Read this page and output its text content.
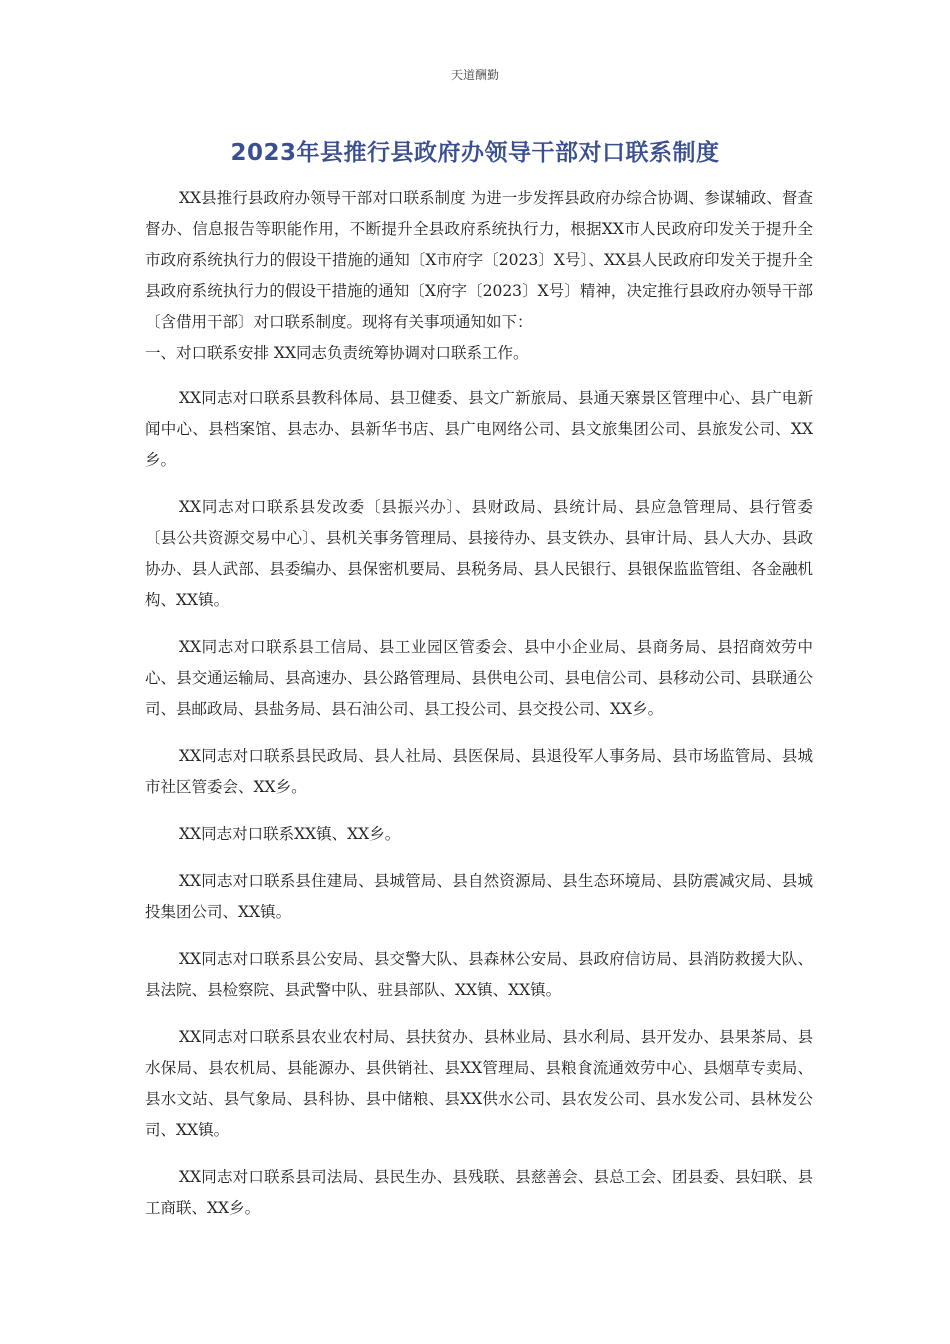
天道酬勤
2023年县推行县政府办领导干部对口联系制度

XX县推行县政府办领导干部对口联系制度 为进一步发挥县政府办综合协调、参谋辅政、督查督办、信息报告等职能作用，不断提升全县政府系统执行力，根据XX市人民政府印发关于提升全市政府系统执行力的假设干措施的通知〔X市府字〔2023〕X号〕、XX县人民政府印发关于提升全县政府系统执行力的假设干措施的通知〔X府字〔2023〕X号〕精神，决定推行县政府办领导干部〔含借用干部〕对口联系制度。现将有关事项通知如下：

一、对口联系安排 XX同志负责统筹协调对口联系工作。

XX同志对口联系县教科体局、县卫健委、县文广新旅局、县通天寨景区管理中心、县广电新闻中心、县档案馆、县志办、县新华书店、县广电网络公司、县文旅集团公司、县旅发公司、XX乡。

XX同志对口联系县发改委〔县振兴办〕、县财政局、县统计局、县应急管理局、县行管委〔县公共资源交易中心〕、县机关事务管理局、县接待办、县支铁办、县审计局、县人大办、县政协办、县人武部、县委编办、县保密机要局、县税务局、县人民银行、县银保监监管组、各金融机构、XX镇。

XX同志对口联系县工信局、县工业园区管委会、县中小企业局、县商务局、县招商效劳中心、县交通运输局、县高速办、县公路管理局、县供电公司、县电信公司、县移动公司、县联通公司、县邮政局、县盐务局、县石油公司、县工投公司、县交投公司、XX乡。

XX同志对口联系县民政局、县人社局、县医保局、县退役军人事务局、县市场监管局、县城市社区管委会、XX乡。

XX同志对口联系XX镇、XX乡。

XX同志对口联系县住建局、县城管局、县自然资源局、县生态环境局、县防震减灾局、县城投集团公司、XX镇。

XX同志对口联系县公安局、县交警大队、县森林公安局、县政府信访局、县消防救援大队、县法院、县检察院、县武警中队、驻县部队、XX镇、XX镇。

XX同志对口联系县农业农村局、县扶贫办、县林业局、县水利局、县开发办、县果茶局、县水保局、县农机局、县能源办、县供销社、县XX管理局、县粮食流通效劳中心、县烟草专卖局、县水文站、县气象局、县科协、县中储粮、县XX供水公司、县农发公司、县水发公司、县林发公司、XX镇。

XX同志对口联系县司法局、县民生办、县残联、县慈善会、县总工会、团县委、县妇联、县工商联、XX乡。
